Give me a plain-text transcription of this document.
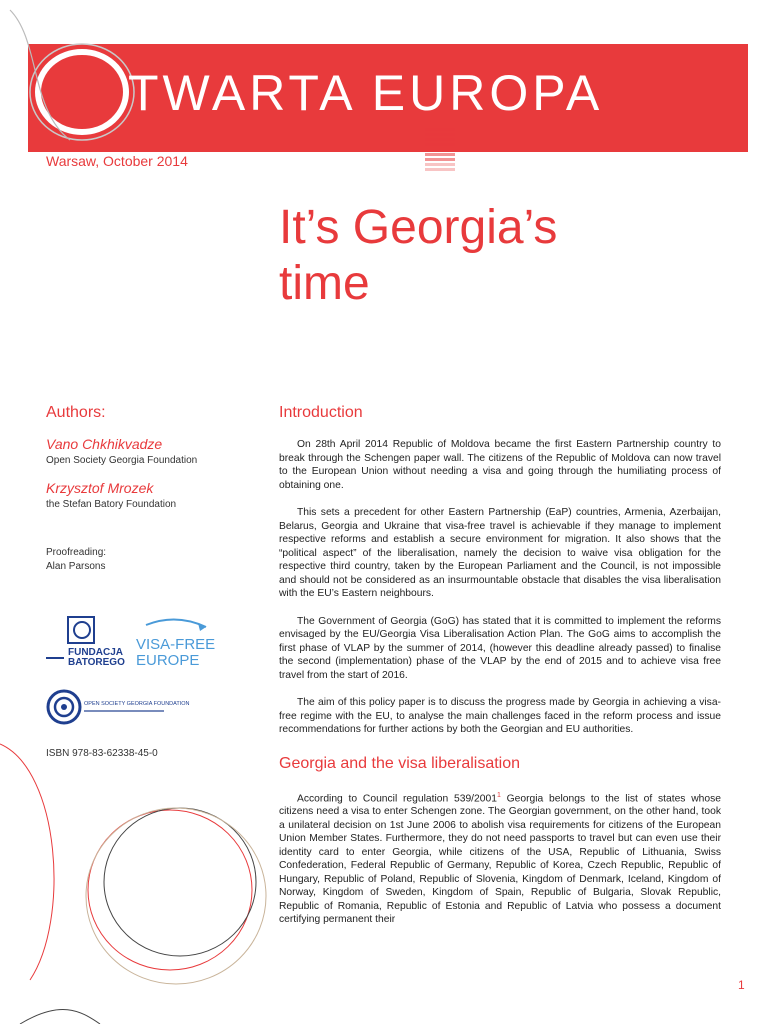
TWARTA EUROPA
Warsaw, October 2014
It’s Georgia’s
time
Authors:

Vano Chkhikvadze

Open Society Georgia Foundation

Krzysztof Mrozek

the Stefan Batory Foundation

Proofreading:
Alan Parsons
FUNDACJA
BATOREGO
VISA-FREE
EUROPE
OPEN SOCIETY GEORGIA FOUNDATION
ISBN 978-83-62338-45-0
Introduction

On 28th April 2014 Republic of Moldova became the first Eastern Partnership country to break through the Schengen paper wall. The citizens of the Republic of Moldova can now travel to the European Union without needing a visa and going through the humiliating process of obtaining one.

This sets a precedent for other Eastern Partnership (EaP) countries, Armenia, Azerbaijan, Belarus, Georgia and Ukraine that visa-free travel is achievable if they manage to implement respective reforms and establish a secure environment for migration. It also shows that the “political aspect” of the liberalisation, namely the decision to waive visa obligation for the respective third country, taken by the European Parliament and the Council, is not impossible and should not be considered as an insurmountable obstacle that disables the visa liberalisation with the EU’s Eastern neighbours.

The Government of Georgia (GoG) has stated that it is committed to implement the reforms envisaged by the EU/Georgia Visa Liberalisation Action Plan. The GoG aims to accomplish the first phase of VLAP by the summer of 2014, (however this deadline already passed) to finalise the second (implementation) phase of the VLAP by the end of 2015 and to achieve visa free travel from the start of 2016.

The aim of this policy paper is to discuss the progress made by Georgia in achieving a visa-free regime with the EU, to analyse the main challenges faced in the reform process and issue recommendations for further actions by both the Georgian and EU authorities.

Georgia and the visa liberalisation

According to Council regulation 539/2001$^1$ Georgia belongs to the list of states whose citizens need a visa to enter Schengen zone. The Georgian government, on the other hand, took a unilateral decision on 1st June 2006 to abolish visa requirements for citizens of the European Union Member States. Furthermore, they do not need passports to travel but can even use their identity card to enter Georgia, while citizens of the USA, Republic of Lithuania, Swiss Confederation, Federal Republic of Germany, Republic of Korea, Czech Republic, Republic of Hungary, Republic of Poland, Republic of Slovenia, Kingdom of Denmark, Iceland, Kingdom of Norway, Kingdom of Sweden, Kingdom of Spain, Republic of Bulgaria, Slovak Republic, Republic of Romania, Republic of Estonia and Republic of Latvia who possess a document certifying permanent their

1
